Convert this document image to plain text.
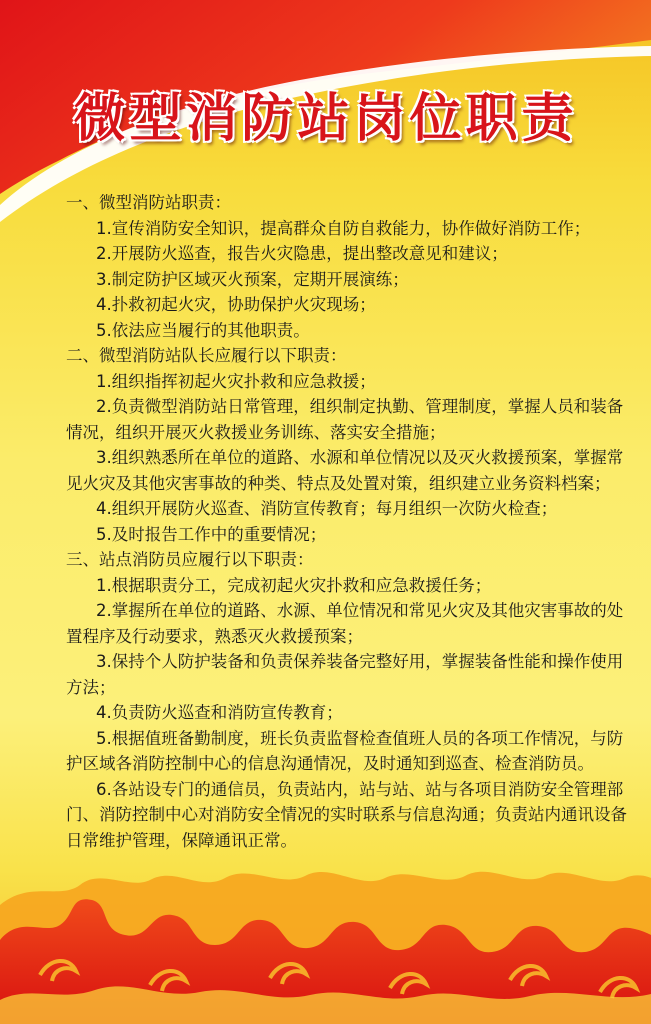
微型消防站岗位职责
一、微型消防站职责：
1.宣传消防安全知识，提高群众自防自救能力，协作做好消防工作；
2.开展防火巡查，报告火灾隐患，提出整改意见和建议；
3.制定防护区域灭火预案，定期开展演练；
4.扑救初起火灾，协助保护火灾现场；
5.依法应当履行的其他职责。
二、微型消防站队长应履行以下职责：
1.组织指挥初起火灾扑救和应急救援；
2.负责微型消防站日常管理，组织制定执勤、管理制度，掌握人员和装备情况，组织开展灭火救援业务训练、落实安全措施；
3.组织熟悉所在单位的道路、水源和单位情况以及灭火救援预案，掌握常见火灾及其他灾害事故的种类、特点及处置对策，组织建立业务资料档案；
4.组织开展防火巡查、消防宣传教育；每月组织一次防火检查；
5.及时报告工作中的重要情况；
三、站点消防员应履行以下职责：
1.根据职责分工，完成初起火灾扑救和应急救援任务；
2.掌握所在单位的道路、水源、单位情况和常见火灾及其他灾害事故的处置程序及行动要求，熟悉灭火救援预案；
3.保持个人防护装备和负责保养装备完整好用，掌握装备性能和操作使用方法；
4.负责防火巡查和消防宣传教育；
5.根据值班备勤制度，班长负责监督检查值班人员的各项工作情况，与防护区域各消防控制中心的信息沟通情况，及时通知到巡查、检查消防员。
6.各站设专门的通信员，负责站内，站与站、站与各项目消防安全管理部门、消防控制中心对消防安全情况的实时联系与信息沟通；负责站内通讯设备日常维护管理，保障通讯正常。
